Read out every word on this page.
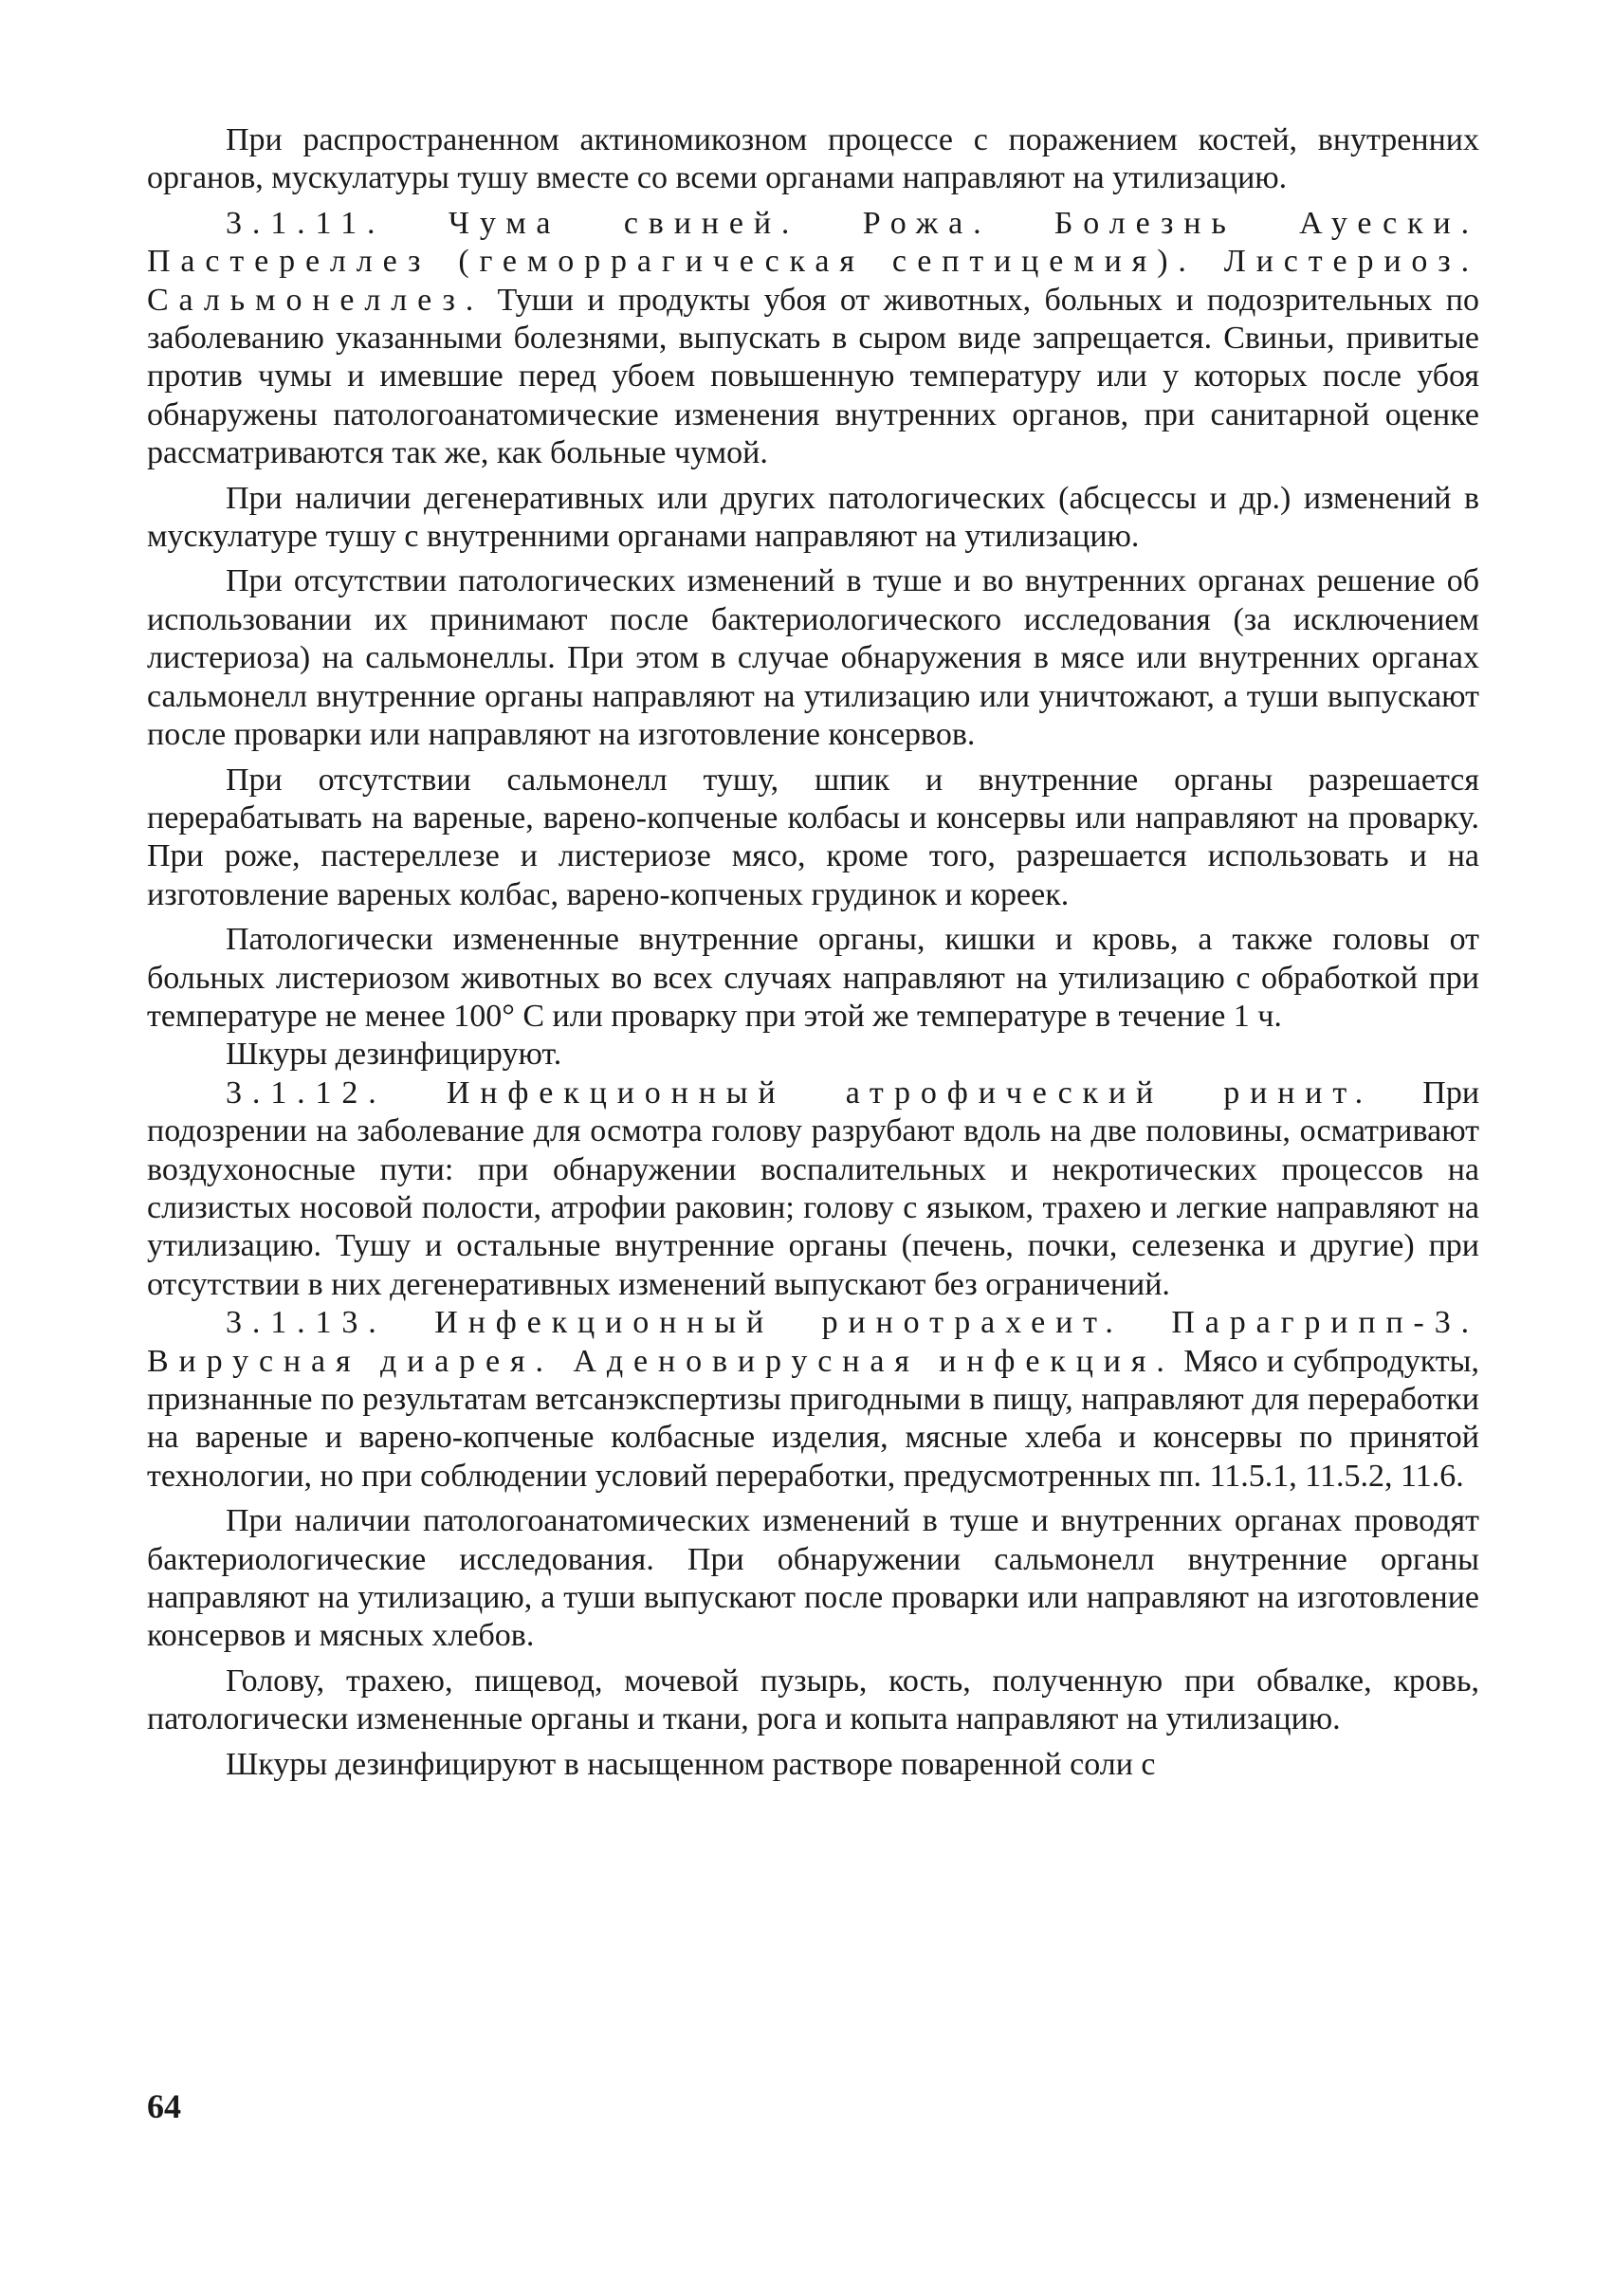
При распространенном актиномикозном процессе с поражением костей, внутренних органов, мускулатуры тушу вместе со всеми органами направляют на утилизацию.

3.1.11. Чума свиней. Рожа. Болезнь Ауески. Пастереллез (геморрагическая септицемия). Листериоз. Сальмонеллез. Туши и продукты убоя от животных, больных и подозрительных по заболеванию указанными болезнями, выпускать в сыром виде запрещается. Свиньи, привитые против чумы и имевшие перед убоем повышенную температуру или у которых после убоя обнаружены патологоанатомические изменения внутренних органов, при санитарной оценке рассматриваются так же, как больные чумой.

При наличии дегенеративных или других патологических (абсцессы и др.) изменений в мускулатуре тушу с внутренними органами направляют на утилизацию.

При отсутствии патологических изменений в туше и во внутренних органах решение об использовании их принимают после бактериологического исследования (за исключением листериоза) на сальмонеллы. При этом в случае обнаружения в мясе или внутренних органах сальмонелл внутренние органы направляют на утилизацию или уничтожают, а туши выпускают после проварки или направляют на изготовление консервов.

При отсутствии сальмонелл тушу, шпик и внутренние органы разрешается перерабатывать на вареные, варено-копченые колбасы и консервы или направляют на проварку. При роже, пастереллезе и листериозе мясо, кроме того, разрешается использовать и на изготовление вареных колбас, варено-копченых грудинок и кореек.

Патологически измененные внутренние органы, кишки и кровь, а также головы от больных листериозом животных во всех случаях направляют на утилизацию с обработкой при температуре не менее 100° С или проварку при этой же температуре в течение 1 ч.

Шкуры дезинфицируют.

3.1.12. Инфекционный атрофический ринит. При подозрении на заболевание для осмотра голову разрубают вдоль на две половины, осматривают воздухоносные пути: при обнаружении воспалительных и некротических процессов на слизистых носовой полости, атрофии раковин; голову с языком, трахею и легкие направляют на утилизацию. Тушу и остальные внутренние органы (печень, почки, селезенка и другие) при отсутствии в них дегенеративных изменений выпускают без ограничений.

3.1.13. Инфекционный ринотрахеит. Парагрипп-3. Вирусная диарея. Аденовирусная инфекция. Мясо и субпродукты, признанные по результатам ветсанэкспертизы пригодными в пищу, направляют для переработки на вареные и варено-копченые колбасные изделия, мясные хлеба и консервы по принятой технологии, но при соблюдении условий переработки, предусмотренных пп. 11.5.1, 11.5.2, 11.6.

При наличии патологоанатомических изменений в туше и внутренних органах проводят бактериологические исследования. При обнаружении сальмонелл внутренние органы направляют на утилизацию, а туши выпускают после проварки или направляют на изготовление консервов и мясных хлебов.

Голову, трахею, пищевод, мочевой пузырь, кость, полученную при обвалке, кровь, патологически измененные органы и ткани, рога и копыта направляют на утилизацию.

Шкуры дезинфицируют в насыщенном растворе поваренной соли с

64
